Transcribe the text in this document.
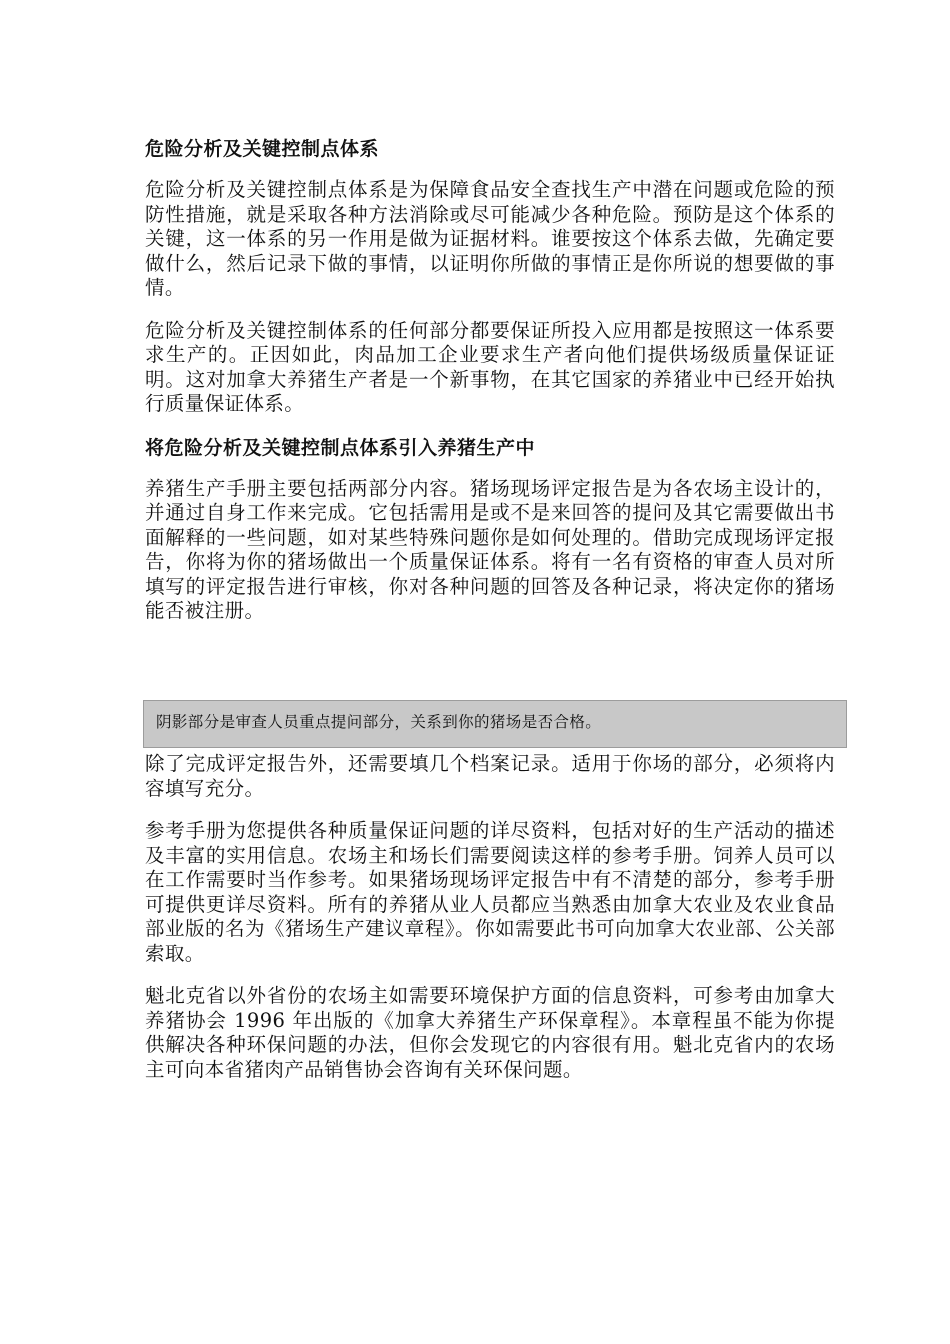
危险分析及关键控制点体系

危险分析及关键控制点体系是为保障食品安全查找生产中潜在问题或危险的预防性措施，就是采取各种方法消除或尽可能减少各种危险。预防是这个体系的关键，这一体系的另一作用是做为证据材料。谁要按这个体系去做，先确定要做什么，然后记录下做的事情，以证明你所做的事情正是你所说的想要做的事情。

危险分析及关键控制体系的任何部分都要保证所投入应用都是按照这一体系要求生产的。正因如此，肉品加工企业要求生产者向他们提供场级质量保证证明。这对加拿大养猪生产者是一个新事物，在其它国家的养猪业中已经开始执行质量保证体系。

将危险分析及关键控制点体系引入养猪生产中

养猪生产手册主要包括两部分内容。猪场现场评定报告是为各农场主设计的，并通过自身工作来完成。它包括需用是或不是来回答的提问及其它需要做出书面解释的一些问题，如对某些特殊问题你是如何处理的。借助完成现场评定报告，你将为你的猪场做出一个质量保证体系。将有一名有资格的审查人员对所填写的评定报告进行审核，你对各种问题的回答及各种记录，将决定你的猪场能否被注册。

阴影部分是审查人员重点提问部分，关系到你的猪场是否合格。

除了完成评定报告外，还需要填几个档案记录。适用于你场的部分，必须将内容填写充分。

参考手册为您提供各种质量保证问题的详尽资料，包括对好的生产活动的描述及丰富的实用信息。农场主和场长们需要阅读这样的参考手册。饲养人员可以在工作需要时当作参考。如果猪场现场评定报告中有不清楚的部分，参考手册可提供更详尽资料。所有的养猪从业人员都应当熟悉由加拿大农业及农业食品部业版的名为《猪场生产建议章程》。你如需要此书可向加拿大农业部、公关部索取。

魁北克省以外省份的农场主如需要环境保护方面的信息资料，可参考由加拿大养猪协会 1996 年出版的《加拿大养猪生产环保章程》。本章程虽不能为你提供解决各种环保问题的办法，但你会发现它的内容很有用。魁北克省内的农场主可向本省猪肉产品销售协会咨询有关环保问题。
